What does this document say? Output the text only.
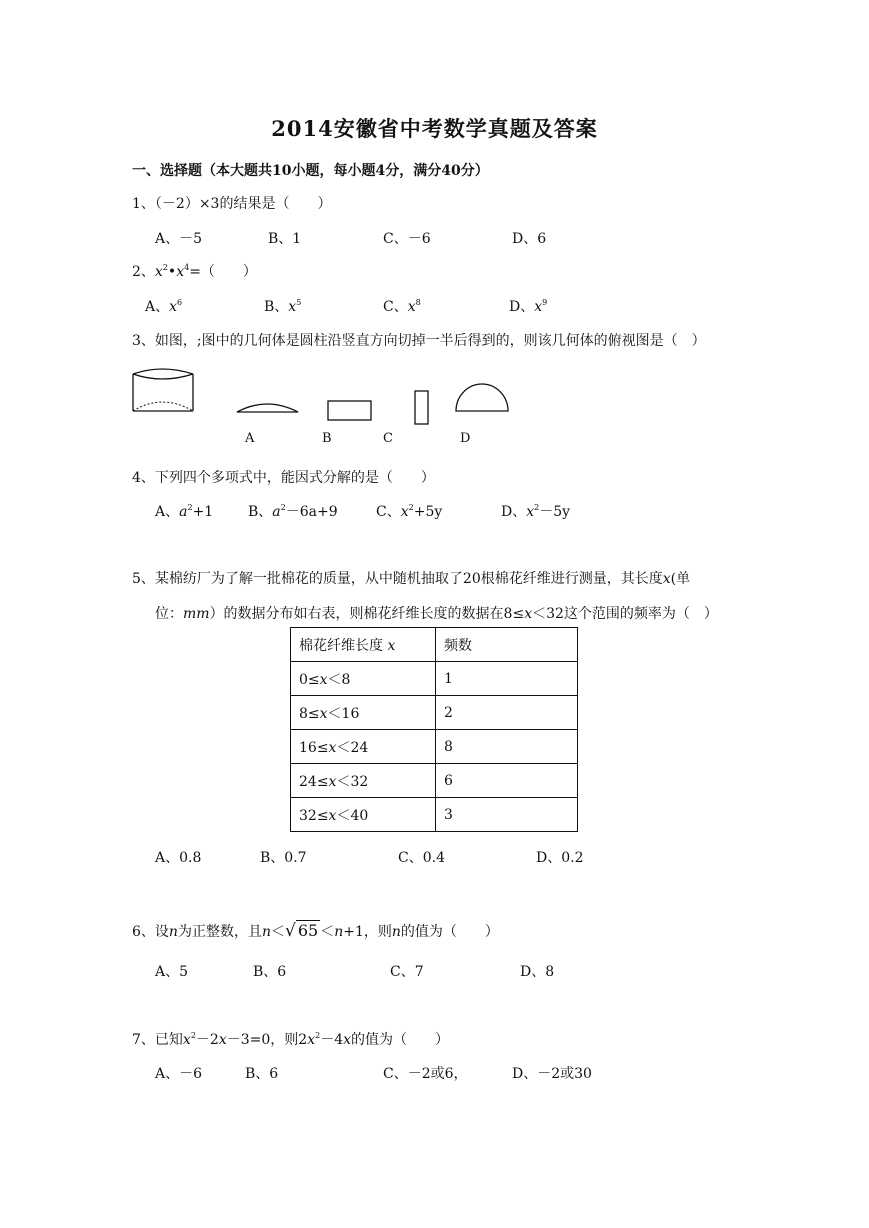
2014安徽省中考数学真题及答案
一、选择题（本大题共10小题，每小题4分，满分40分）
1、（－2）×3的结果是（　　）
A、－5	B、1	C、－6	D、6
2、$x^2•x^4=$（　　）
A、$x^6$	B、$x^5$	C、$x^8$	D、$x^9$
3、如图，;图中的几何体是圆柱沿竖直方向切掉一半后得到的，则该几何体的俯视图是（　）
A	B	C	D
4、下列四个多项式中，能因式分解的是（　　）
A、$a^2+1$ B、$a^2-6a+9$	C、$x^2+5y$	D、$x^2-5y$
5、某棉纺厂为了解一批棉花的质量，从中随机抽取了20根棉花纤维进行测量，其长度x(单
位：mm）的数据分布如右表，则棉花纤维长度的数据在8≤x＜32这个范围的频率为（　）
棉花纤维长度 x	频数
0≤x＜8	1
8≤x＜16	2
16≤x＜24	8
24≤x＜32	6
32≤x＜40	3
A、0.8	B、0.7	C、0.4	D、0.2
6、设n为正整数，且n＜√ 65 ＜n+1，则n的值为（　　）
A、5	B、6	C、7	D、8
7、已知$x^2-2x-3=0$，则$2x^2-4x$的值为（　　）
A、－6	B、6	C、－2或6，	D、－2或30
